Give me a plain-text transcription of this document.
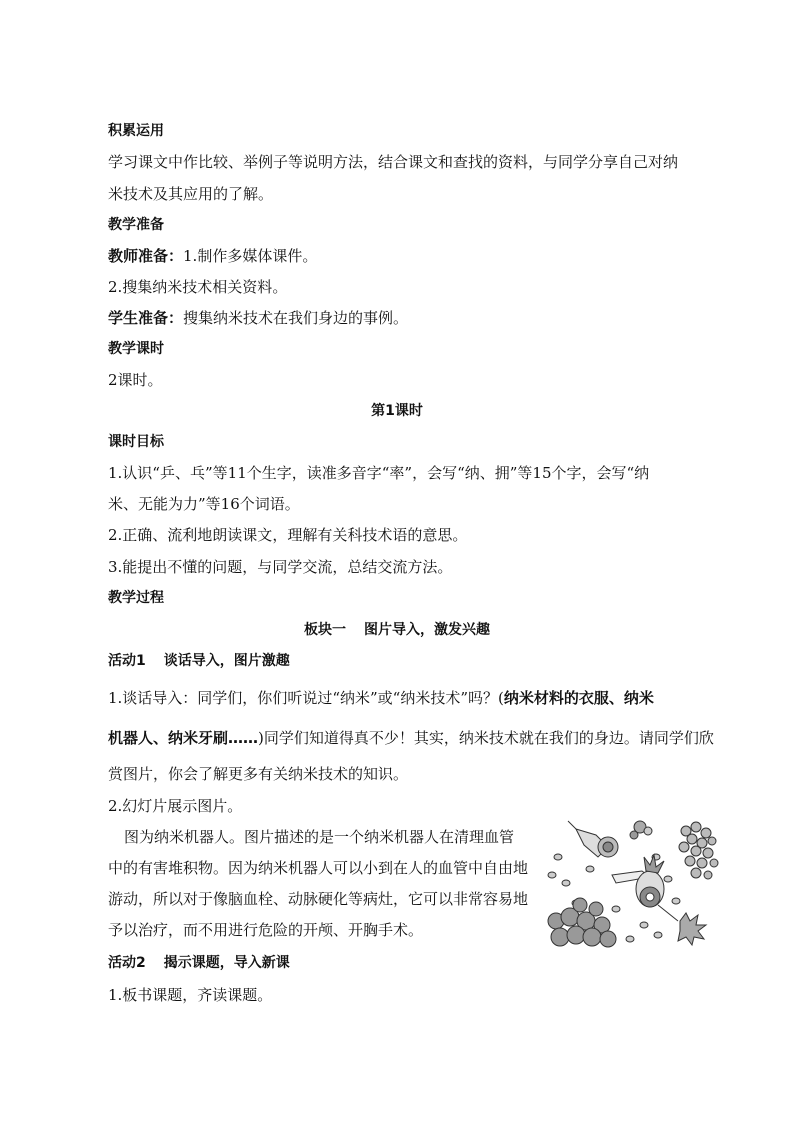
积累运用
学习课文中作比较、举例子等说明方法，结合课文和查找的资料，与同学分享自己对纳
米技术及其应用的了解。
教学准备
教师准备：1.制作多媒体课件。
2.搜集纳米技术相关资料。
学生准备：搜集纳米技术在我们身边的事例。
教学课时
2课时。
第1课时
课时目标
1.认识“乒、乓”等11个生字，读准多音字“率”，会写“纳、拥”等15个字，会写“纳
米、无能为力”等16个词语。
2.正确、流利地朗读课文，理解有关科技术语的意思。
3.能提出不懂的问题，与同学交流，总结交流方法。
教学过程
板块一 图片导入，激发兴趣
活动1 谈话导入，图片激趣
1.谈话导入：同学们，你们听说过“纳米”或“纳米技术”吗？(纳米材料的衣服、纳米
机器人、纳米牙刷……)同学们知道得真不少！其实，纳米技术就在我们的身边。请同学们欣
赏图片，你会了解更多有关纳米技术的知识。
2.幻灯片展示图片。
图为纳米机器人。图片描述的是一个纳米机器人在清理血管
中的有害堆积物。因为纳米机器人可以小到在人的血管中自由地
游动，所以对于像脑血栓、动脉硬化等病灶，它可以非常容易地
予以治疗，而不用进行危险的开颅、开胸手术。
活动2 揭示课题，导入新课
1.板书课题，齐读课题。
